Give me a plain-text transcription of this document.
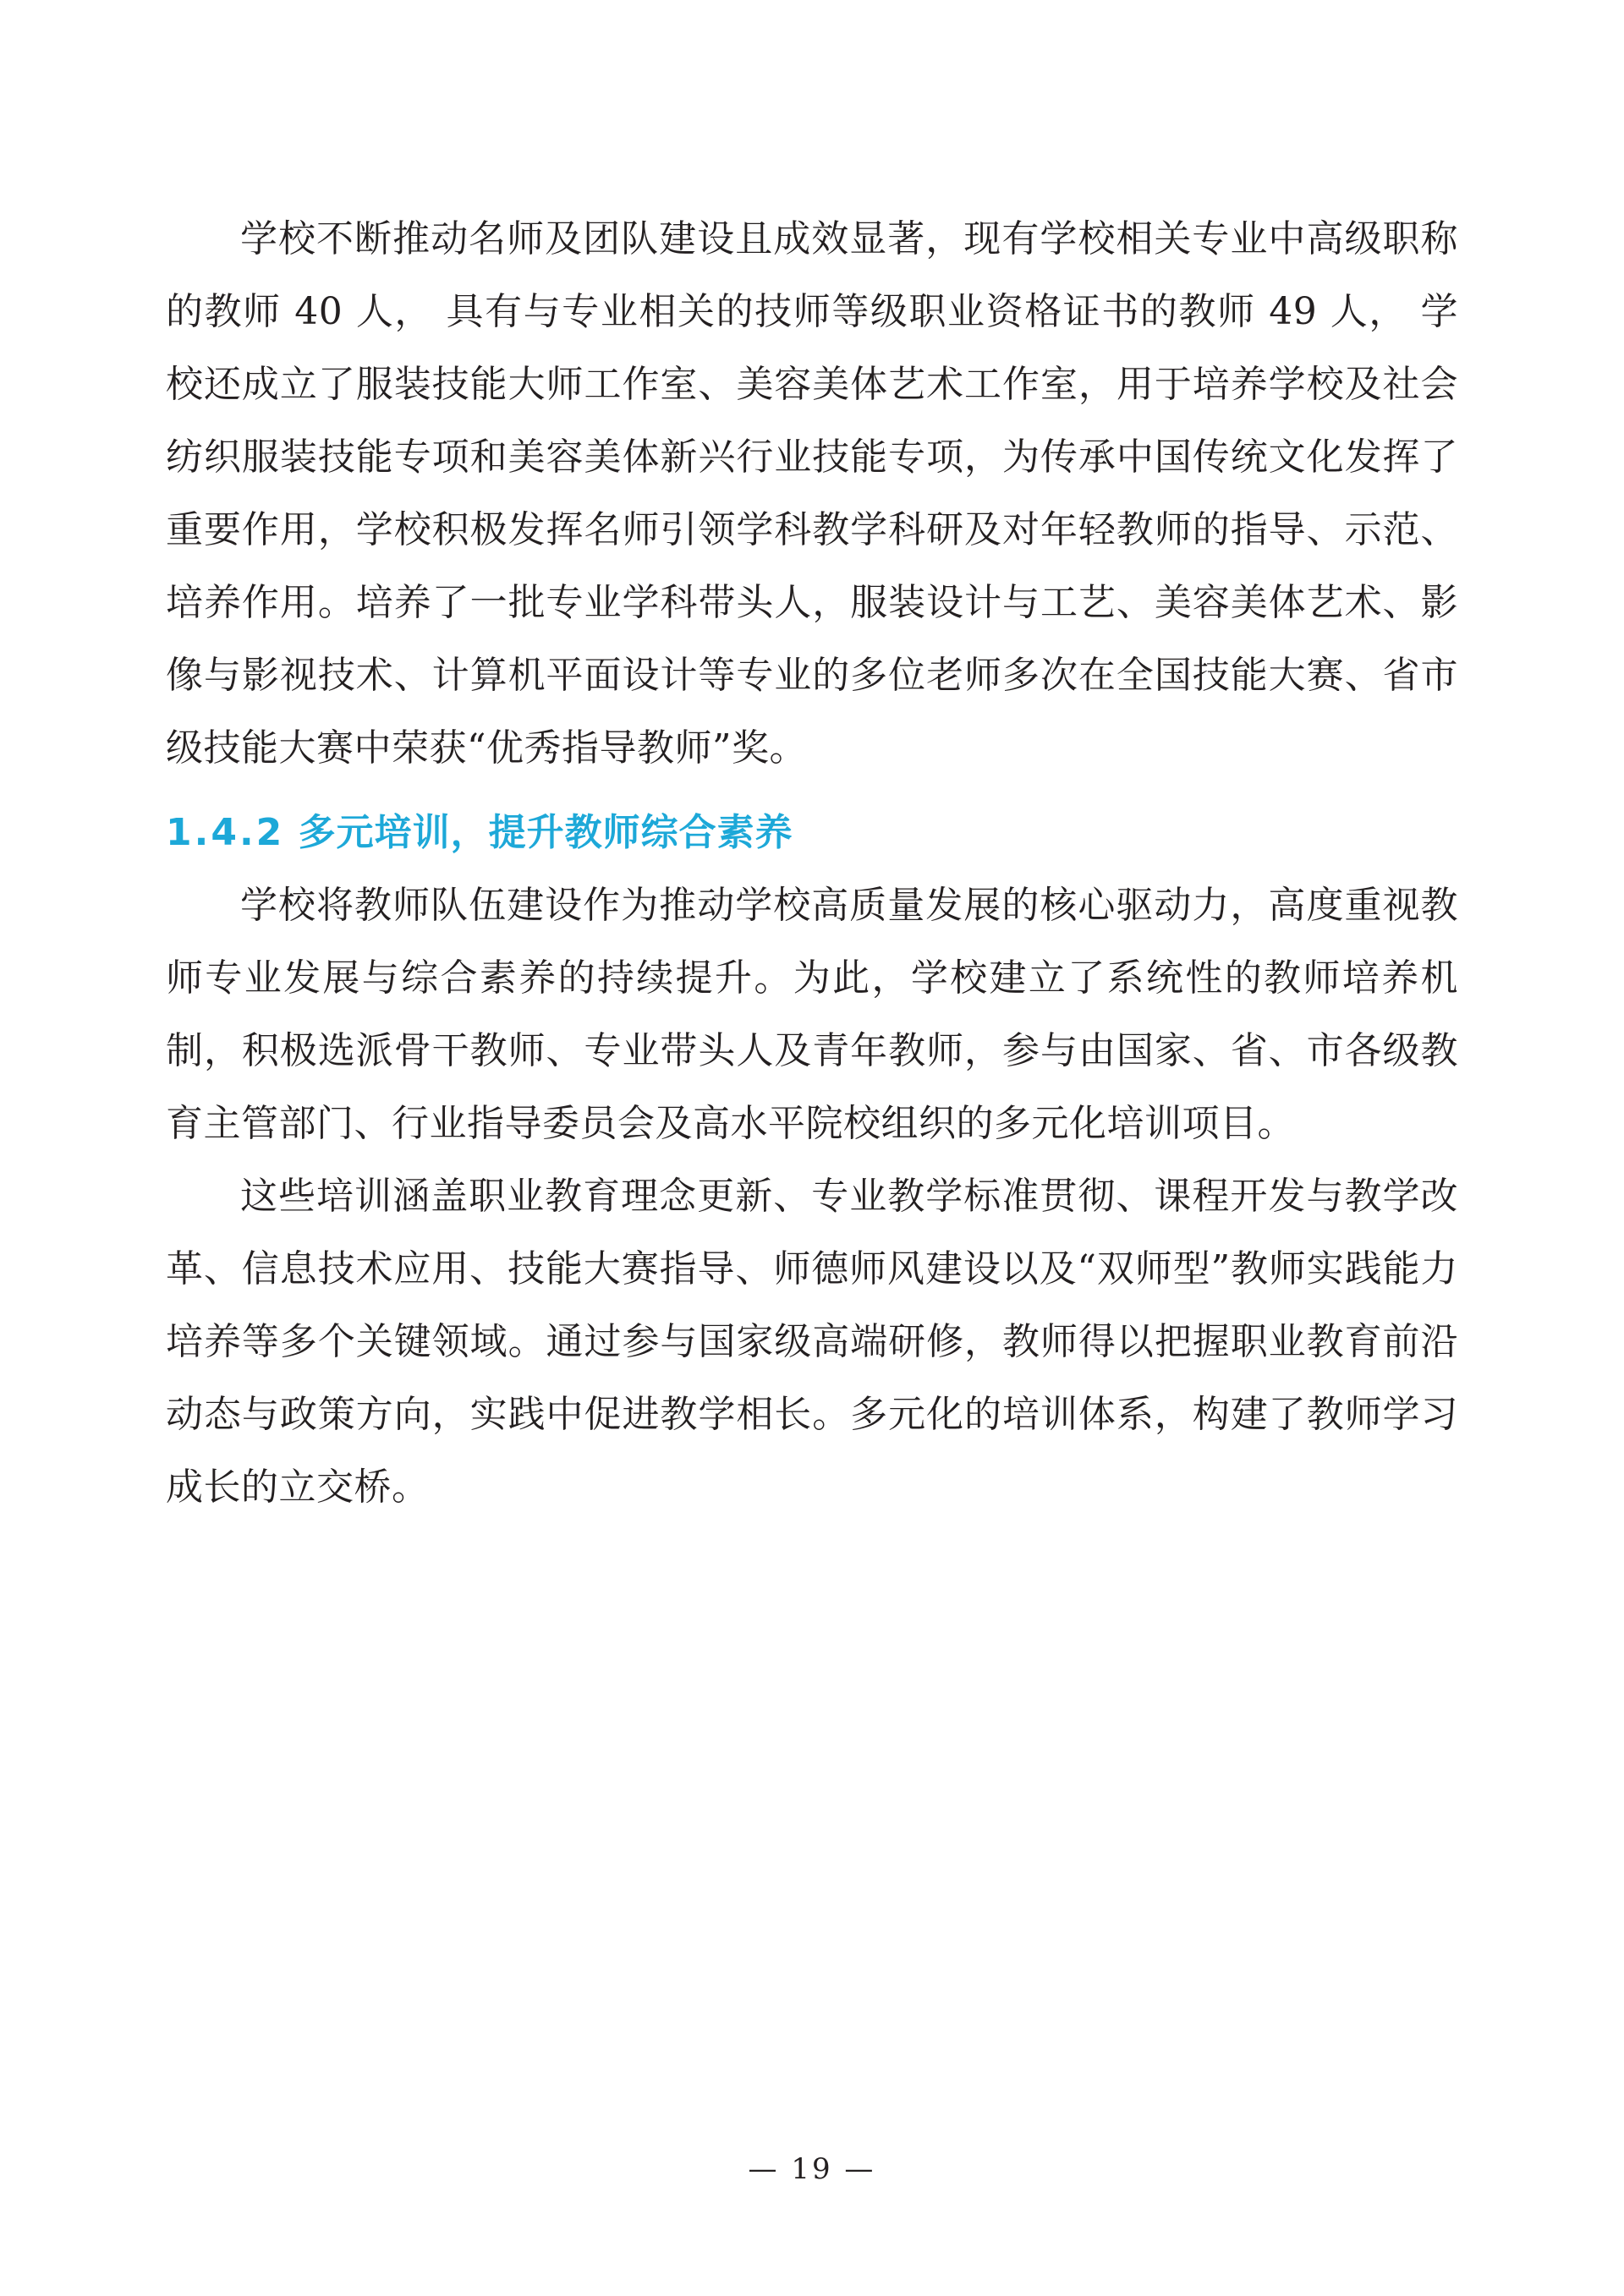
学校不断推动名师及团队建设且成效显著，现有学校相关专业中高级职称的教师 40 人， 具有与专业相关的技师等级职业资格证书的教师 49 人， 学校还成立了服装技能大师工作室、美容美体艺术工作室，用于培养学校及社会纺织服装技能专项和美容美体新兴行业技能专项，为传承中国传统文化发挥了重要作用，学校积极发挥名师引领学科教学科研及对年轻教师的指导、示范、培养作用。培养了一批专业学科带头人，服装设计与工艺、美容美体艺术、影像与影视技术、计算机平面设计等专业的多位老师多次在全国技能大赛、省市级技能大赛中荣获“优秀指导教师”奖。

1.4.2 多元培训，提升教师综合素养

学校将教师队伍建设作为推动学校高质量发展的核心驱动力，高度重视教师专业发展与综合素养的持续提升。为此，学校建立了系统性的教师培养机制，积极选派骨干教师、专业带头人及青年教师，参与由国家、省、市各级教育主管部门、行业指导委员会及高水平院校组织的多元化培训项目。

这些培训涵盖职业教育理念更新、专业教学标准贯彻、课程开发与教学改革、信息技术应用、技能大赛指导、师德师风建设以及“双师型”教师实践能力培养等多个关键领域。通过参与国家级高端研修，教师得以把握职业教育前沿动态与政策方向，实践中促进教学相长。多元化的培训体系，构建了教师学习成长的立交桥。

— 19 —
